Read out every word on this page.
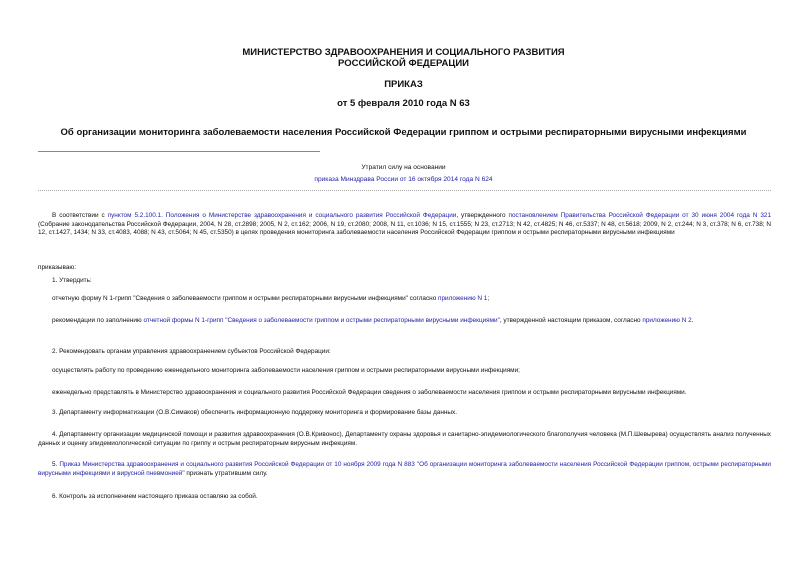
МИНИСТЕРСТВО ЗДРАВООХРАНЕНИЯ И СОЦИАЛЬНОГО РАЗВИТИЯ
РОССИЙСКОЙ ФЕДЕРАЦИИ
ПРИКАЗ
от 5 февраля 2010 года N 63
Об организации мониторинга заболеваемости населения Российской Федерации гриппом и острыми респираторными вирусными инфекциями
Утратил силу на основании
приказа Минздрава России от 16 октября 2014 года N 624
В соответствии с пунктом 5.2.100.1. Положения о Министерстве здравоохранения и социального развития Российской Федерации, утвержденного постановлением Правительства Российской Федерации от 30 июня 2004 года N 321 (Собрание законодательства Российской Федерации, 2004, N 28, ст.2898; 2005, N 2, ст.162; 2006, N 19, ст.2080; 2008, N 11, ст.1036; N 15, ст.1555; N 23, ст.2713; N 42, ст.4825; N 46, ст.5337; N 48, ст.5618; 2009, N 2, ст.244; N 3, ст.378; N 6, ст.738; N 12, ст.1427, 1434; N 33, ст.4083, 4088; N 43, ст.5064; N 45, ст.5350) в целях проведения мониторинга заболеваемости населения Российской Федерации гриппом и острыми респираторными вирусными инфекциями
приказываю:
1. Утвердить:
отчетную форму N 1-грипп "Сведения о заболеваемости гриппом и острыми респираторными вирусными инфекциями" согласно приложению N 1;
рекомендации по заполнению отчетной формы N 1-грипп "Сведения о заболеваемости гриппом и острыми респираторными вирусными инфекциями", утвержденной настоящим приказом, согласно приложению N 2.
2. Рекомендовать органам управления здравоохранением субъектов Российской Федерации:
осуществлять работу по проведению еженедельного мониторинга заболеваемости населения гриппом и острыми респираторными вирусными инфекциями;
еженедельно представлять в Министерство здравоохранения и социального развития Российской Федерации сведения о заболеваемости населения гриппом и острыми респираторными вирусными инфекциями.
3. Департаменту информатизации (О.В.Симаков) обеспечить информационную поддержку мониторинга и формирование базы данных.
4. Департаменту организации медицинской помощи и развития здравоохранения (О.В.Кривонос), Департаменту охраны здоровья и санитарно-эпидемиологического благополучия человека (М.П.Шевырева) осуществлять анализ полученных данных и оценку эпидемиологической ситуации по гриппу и острым респираторным вирусным инфекциям.
5. Приказ Министерства здравоохранения и социального развития Российской Федерации от 10 ноября 2009 года N 883 "Об организации мониторинга заболеваемости населения Российской Федерации гриппом, острыми респираторными вирусными инфекциями и вирусной пневмонией" признать утратившим силу.
6. Контроль за исполнением настоящего приказа оставляю за собой.
